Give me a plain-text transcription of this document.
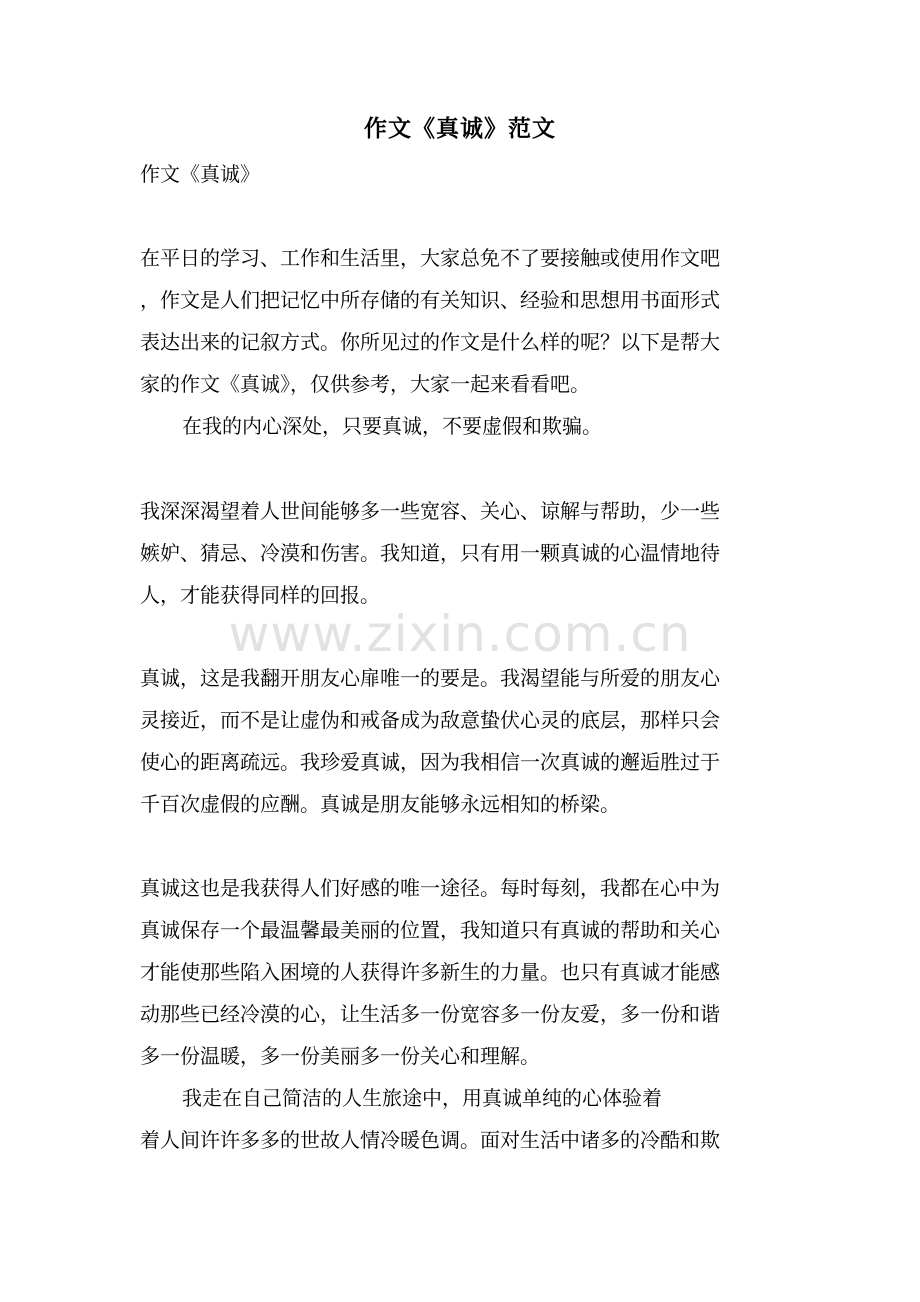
www.zixin.com.cn
作文《真诚》范文
作文《真诚》
在平日的学习、工作和生活里，大家总免不了要接触或使用作文吧
，作文是人们把记忆中所存储的有关知识、经验和思想用书面形式
表达出来的记叙方式。你所见过的作文是什么样的呢？以下是帮大
家的作文《真诚》，仅供参考，大家一起来看看吧。
在我的内心深处，只要真诚，不要虚假和欺骗。
我深深渴望着人世间能够多一些宽容、关心、谅解与帮助，少一些
嫉妒、猜忌、冷漠和伤害。我知道，只有用一颗真诚的心温情地待
人，才能获得同样的回报。
真诚，这是我翻开朋友心扉唯一的要是。我渴望能与所爱的朋友心
灵接近，而不是让虚伪和戒备成为敌意蛰伏心灵的底层，那样只会
使心的距离疏远。我珍爱真诚，因为我相信一次真诚的邂逅胜过于
千百次虚假的应酬。真诚是朋友能够永远相知的桥梁。
真诚这也是我获得人们好感的唯一途径。每时每刻，我都在心中为
真诚保存一个最温馨最美丽的位置，我知道只有真诚的帮助和关心
才能使那些陷入困境的人获得许多新生的力量。也只有真诚才能感
动那些已经冷漠的心，让生活多一份宽容多一份友爱，多一份和谐
多一份温暖，多一份美丽多一份关心和理解。
我走在自己简洁的人生旅途中，用真诚单纯的心体验着
着人间许许多多的世故人情冷暖色调。面对生活中诸多的冷酷和欺
